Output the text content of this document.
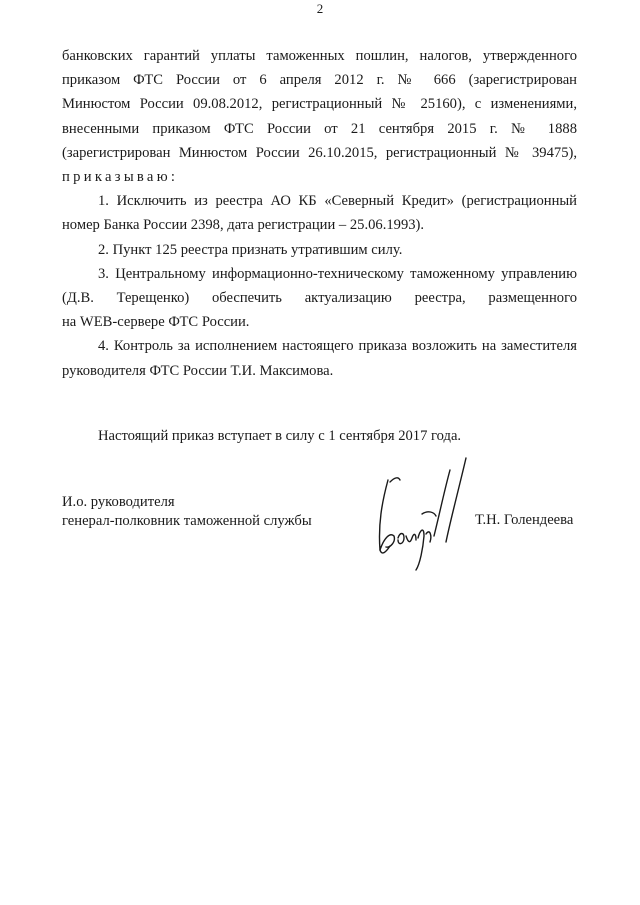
2
банковских гарантий уплаты таможенных пошлин, налогов, утвержденного
приказом ФТС России от 6 апреля 2012 г. № 666 (зарегистрирован
Минюстом России 09.08.2012, регистрационный № 25160), с изменениями,
внесенными приказом ФТС России от 21 сентября 2015 г. № 1888
(зарегистрирован Минюстом России 26.10.2015, регистрационный № 39475),
приказываю:
1. Исключить из реестра АО КБ «Северный Кредит» (регистрационный
номер Банка России 2398, дата регистрации – 25.06.1993).
2. Пункт 125 реестра признать утратившим силу.
3. Центральному информационно-техническому таможенному управлению
(Д.В. Терещенко) обеспечить актуализацию реестра, размещенного
на WEB-сервере ФТС России.
4. Контроль за исполнением настоящего приказа возложить на заместителя
руководителя ФТС России Т.И. Максимова.
Настоящий приказ вступает в силу с 1 сентября 2017 года.
И.о. руководителя
генерал-полковник таможенной службы	Т.Н. Голендеева
